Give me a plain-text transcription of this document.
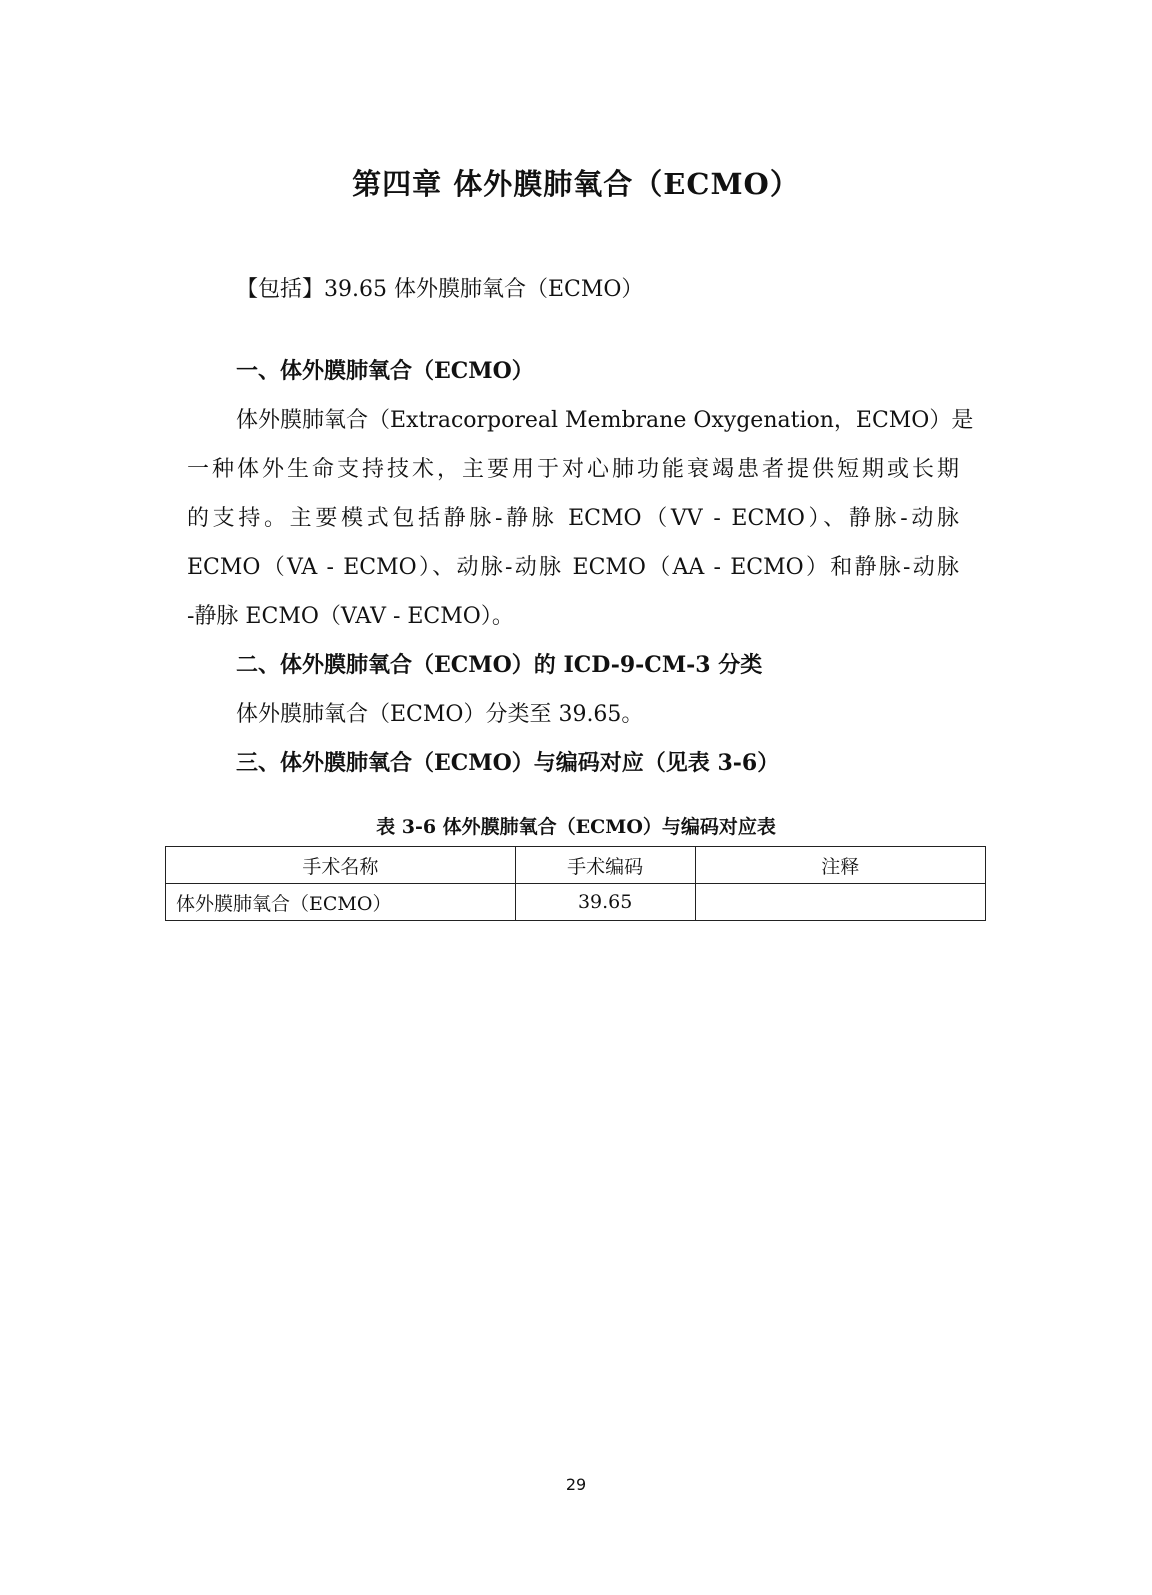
第四章 体外膜肺氧合（ECMO）
【包括】39.65 体外膜肺氧合（ECMO）
一、体外膜肺氧合（ECMO）
体外膜肺氧合（Extracorporeal Membrane Oxygenation，ECMO）是
一种体外生命支持技术，主要用于对心肺功能衰竭患者提供短期或长期
的支持。主要模式包括静脉-静脉 ECMO（VV - ECMO）、静脉-动脉
ECMO（VA - ECMO）、动脉-动脉 ECMO（AA - ECMO）和静脉-动脉
-静脉 ECMO（VAV - ECMO）。
二、体外膜肺氧合（ECMO）的 ICD-9-CM-3 分类
体外膜肺氧合（ECMO）分类至 39.65。
三、体外膜肺氧合（ECMO）与编码对应（见表 3-6）
表 3-6 体外膜肺氧合（ECMO）与编码对应表
手术名称	手术编码	注释
体外膜肺氧合（ECMO）	39.65	
29
